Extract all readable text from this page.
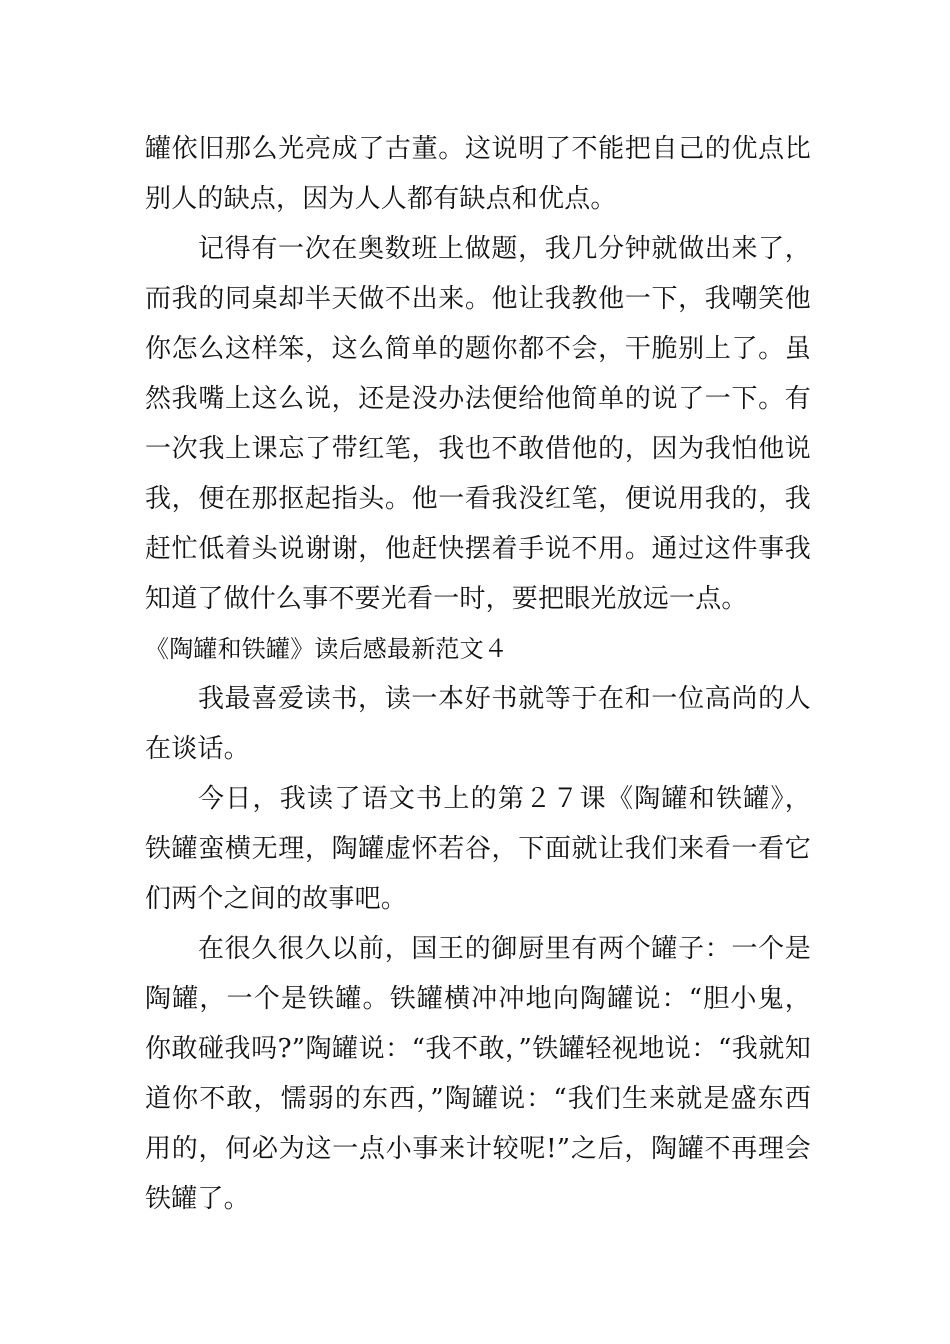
罐依旧那么光亮成了古董。这说明了不能把自己的优点比别人的缺点，因为人人都有缺点和优点。

记得有一次在奥数班上做题，我几分钟就做出来了，而我的同桌却半天做不出来。他让我教他一下，我嘲笑他你怎么这样笨，这么简单的题你都不会，干脆别上了。虽然我嘴上这么说，还是没办法便给他简单的说了一下。有一次我上课忘了带红笔，我也不敢借他的，因为我怕他说我，便在那抠起指头。他一看我没红笔，便说用我的，我赶忙低着头说谢谢，他赶快摆着手说不用。通过这件事我知道了做什么事不要光看一时，要把眼光放远一点。

《陶罐和铁罐》读后感最新范文４

我最喜爱读书，读一本好书就等于在和一位高尚的人在谈话。

今日，我读了语文书上的第２７课《陶罐和铁罐》，铁罐蛮横无理，陶罐虚怀若谷，下面就让我们来看一看它们两个之间的故事吧。

在很久很久以前，国王的御厨里有两个罐子：一个是陶罐，一个是铁罐。铁罐横冲冲地向陶罐说：“胆小鬼，你敢碰我吗?”陶罐说：“我不敢，”铁罐轻视地说：“我就知道你不敢，懦弱的东西，”陶罐说：“我们生来就是盛东西用的，何必为这一点小事来计较呢!”之后，陶罐不再理会铁罐了。
